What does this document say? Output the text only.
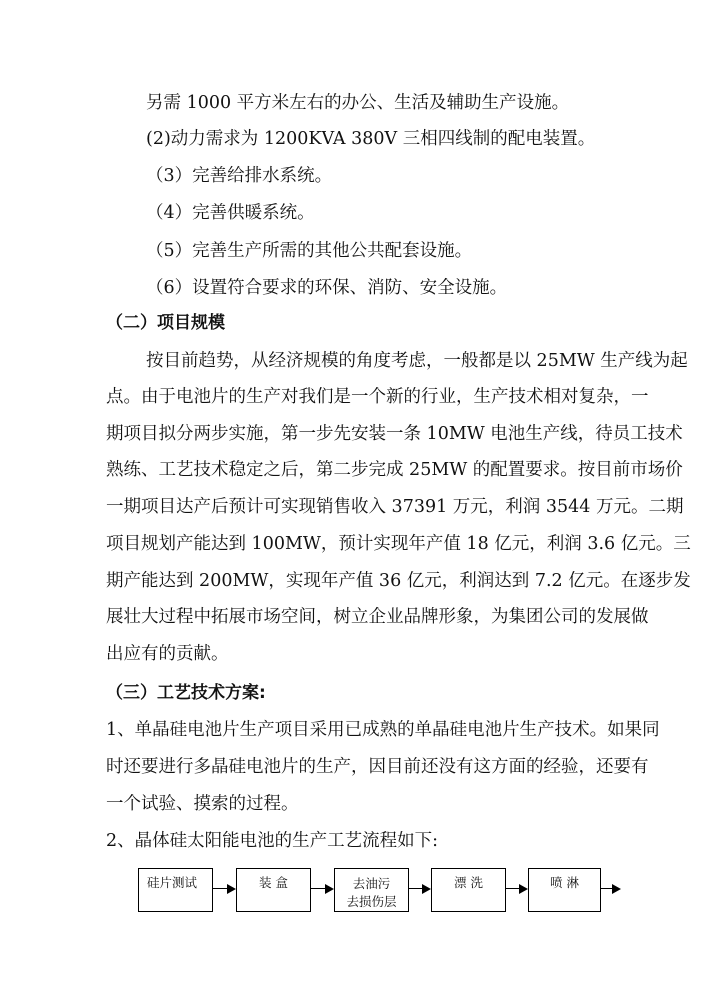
另需 1000 平方米左右的办公、生活及辅助生产设施。
(2)动力需求为 1200KVA 380V 三相四线制的配电装置。
（3）完善给排水系统。
（4）完善供暖系统。
（5）完善生产所需的其他公共配套设施。
（6）设置符合要求的环保、消防、安全设施。
（二）项目规模
按目前趋势，从经济规模的角度考虑，一般都是以 25MW 生产线为起
点。由于电池片的生产对我们是一个新的行业，生产技术相对复杂，一
期项目拟分两步实施，第一步先安装一条 10MW 电池生产线，待员工技术
熟练、工艺技术稳定之后，第二步完成 25MW 的配置要求。按目前市场价
一期项目达产后预计可实现销售收入 37391 万元，利润 3544 万元。二期
项目规划产能达到 100MW，预计实现年产值 18 亿元，利润 3.6 亿元。三
期产能达到 200MW，实现年产值 36 亿元，利润达到 7.2 亿元。在逐步发
展壮大过程中拓展市场空间，树立企业品牌形象，为集团公司的发展做
出应有的贡献。
（三）工艺技术方案:
1、单晶硅电池片生产项目采用已成熟的单晶硅电池片生产技术。如果同
时还要进行多晶硅电池片的生产，因目前还没有这方面的经验，还要有
一个试验、摸索的过程。
2、晶体硅太阳能电池的生产工艺流程如下:
硅片测试	装 盒	去油污
去损伤层
漂 洗	喷 淋
